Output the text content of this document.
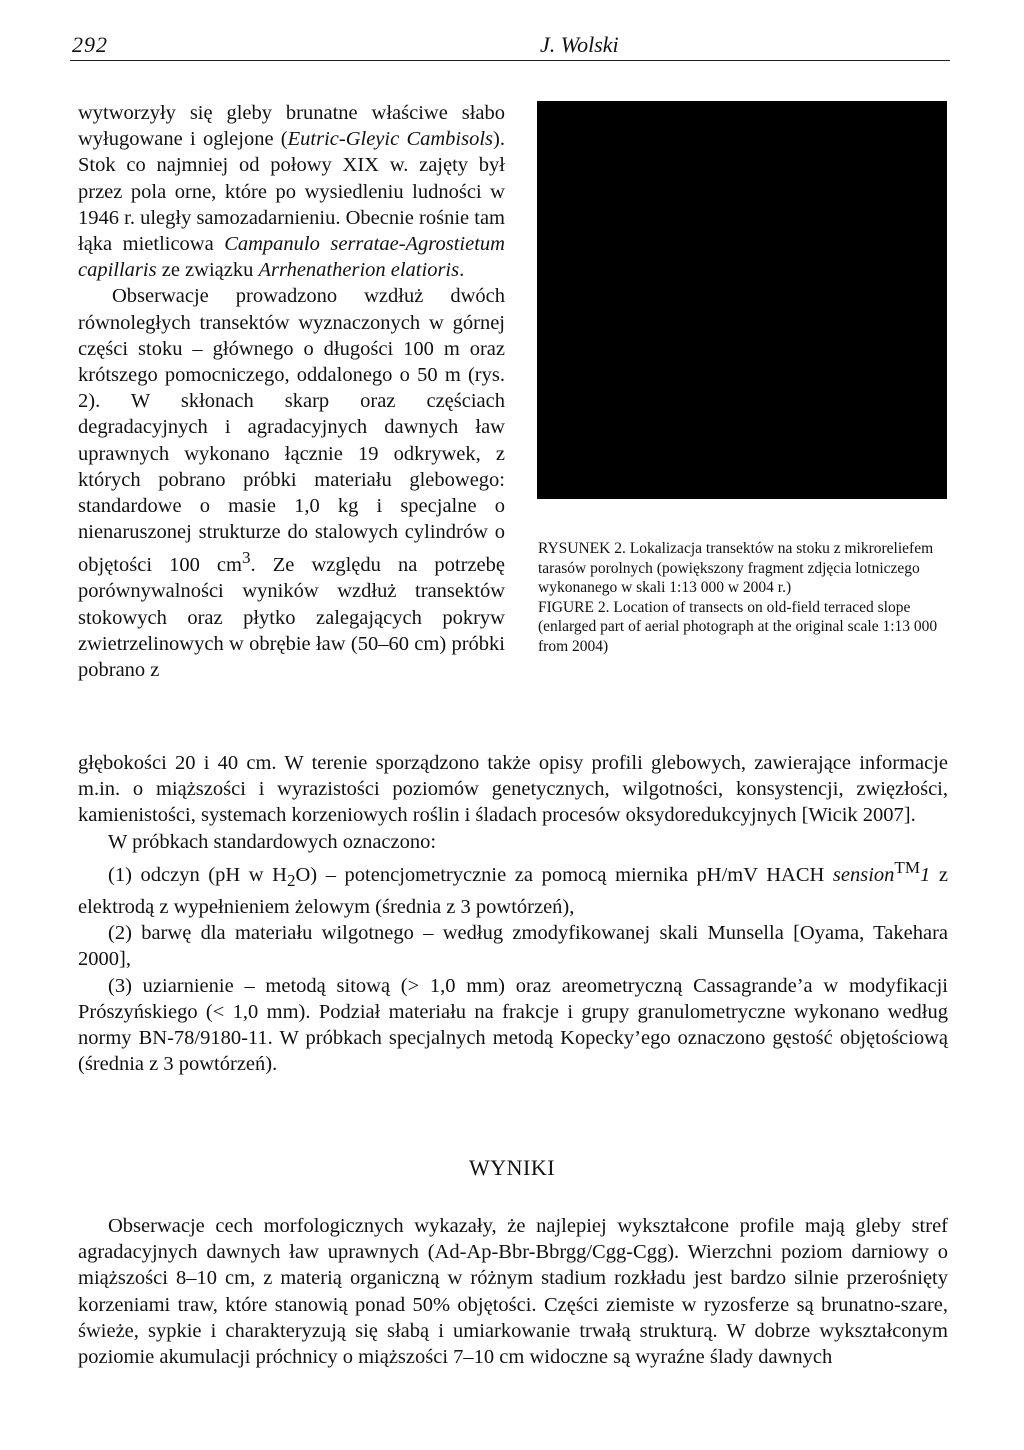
292	J. Wolski

wytworzyły się gleby brunatne właściwe słabo wyługowane i oglejone (Eutric-Gleyic Cambisols). Stok co najmniej od połowy XIX w. zajęty był przez pola orne, które po wysiedleniu ludności w 1946 r. uległy samozadarnieniu. Obecnie rośnie tam łąka mietlicowa Campanulo serratae-Agrostietum capillaris ze związku Arrhenatherion elatioris.

Obserwacje prowadzono wzdłuż dwóch równoległych transektów wyznaczonych w górnej części stoku – głównego o długości 100 m oraz krótszego pomocniczego, oddalonego o 50 m (rys. 2). W skłonach skarp oraz częściach degradacyjnych i agradacyjnych dawnych ław uprawnych wykonano łącznie 19 odkrywek, z których pobrano próbki materiału glebowego: standardowe o masie 1,0 kg i specjalne o nienaruszonej strukturze do stalowych cylindrów o objętości 100 $cm^3$. Ze względu na potrzebę porównywalności wyników wzdłuż transektów stokowych oraz płytko zalegających pokryw zwietrzelinowych w obrębie ław (50–60 cm) próbki pobrano z

RYSUNEK 2. Lokalizacja transektów na stoku z mikroreliefem tarasów porolnych (powiększony fragment zdjęcia lotniczego wykonanego w skali 1:13 000 w 2004 r.)

FIGURE 2. Location of transects on old-field terraced slope (enlarged part of aerial photograph at the original scale 1:13 000 from 2004)

głębokości 20 i 40 cm. W terenie sporządzono także opisy profili glebowych, zawierające informacje m.in. o miąższości i wyrazistości poziomów genetycznych, wilgotności, konsystencji, zwięzłości, kamienistości, systemach korzeniowych roślin i śladach procesów oksydoredukcyjnych [Wicik 2007].

W próbkach standardowych oznaczono:

(1) odczyn (pH w $H_2O$) – potencjometrycznie za pomocą miernika pH/mV HACH sension™1 z elektrodą z wypełnieniem żelowym (średnia z 3 powtórzeń),

(2) barwę dla materiału wilgotnego – według zmodyfikowanej skali Munsella [Oyama, Takehara 2000],

(3) uziarnienie – metodą sitową (> 1,0 mm) oraz areometryczną Cassagrande’a w modyfikacji Prószyńskiego (< 1,0 mm). Podział materiału na frakcje i grupy granulometryczne wykonano według normy BN-78/9180-11. W próbkach specjalnych metodą Kopecky’ego oznaczono gęstość objętościową (średnia z 3 powtórzeń).

WYNIKI

Obserwacje cech morfologicznych wykazały, że najlepiej wykształcone profile mają gleby stref agradacyjnych dawnych ław uprawnych (Ad-Ap-Bbr-Bbrgg/Cgg-Cgg). Wierzchni poziom darniowy o miąższości 8–10 cm, z materią organiczną w różnym stadium rozkładu jest bardzo silnie przerośnięty korzeniami traw, które stanowią ponad 50% objętości. Części ziemiste w ryzosferze są brunatno-szare, świeże, sypkie i charakteryzują się słabą i umiarkowanie trwałą strukturą. W dobrze wykształconym poziomie akumulacji próchnicy o miąższości 7–10 cm widoczne są wyraźne ślady dawnych
